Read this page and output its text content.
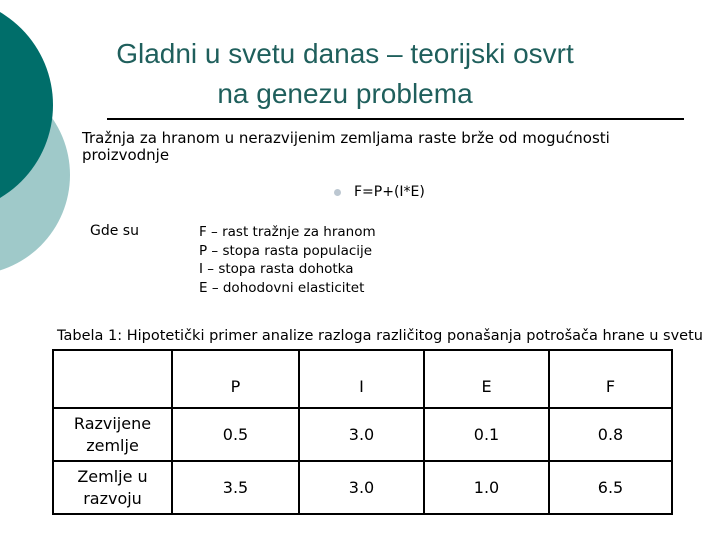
Gladni u svetu danas – teorijski osvrt na genezu problema
Tražnja za hranom u nerazvijenim zemljama raste brže od mogućnosti proizvodnje
F=P+(I*E)
Gde su	F – rast tražnje za hranom
P – stopa rasta populacije
I – stopa rasta dohotka
E – dohodovni elasticitet
Tabela 1: Hipotetički primer analize razloga različitog ponašanja potrošača hrane u svetu
	P	I	E	F
Razvijene zemlje	0.5	3.0	0.1	0.8
Zemlje u razvoju	3.5	3.0	1.0	6.5
